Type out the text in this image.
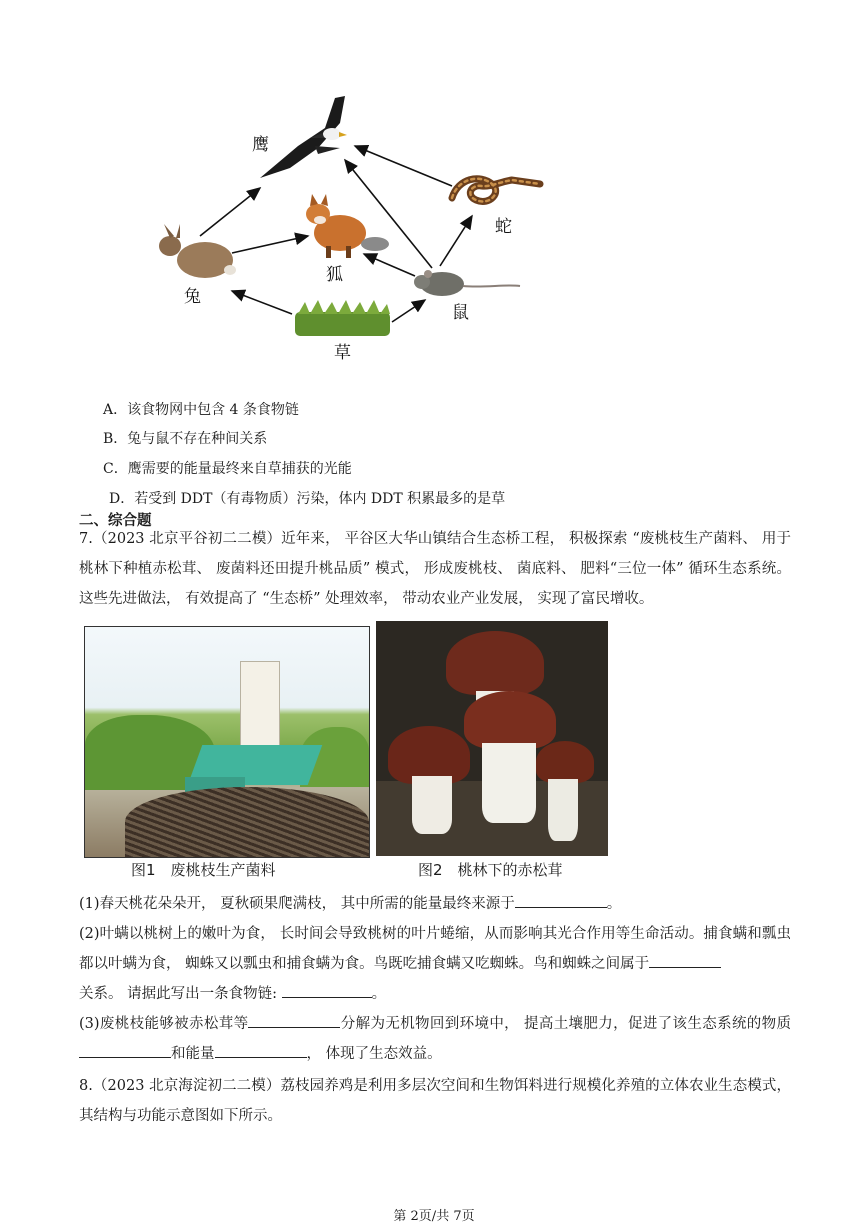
鹰
蛇
狐
兔
鼠
草
A．该食物网中包含 4 条食物链
B．兔与鼠不存在种间关系
C．鹰需要的能量最终来自草捕获的光能
D．若受到 DDT（有毒物质）污染，体内 DDT 积累最多的是草
二、综合题
7.（2023 北京平谷初二二模）近年来， 平谷区大华山镇结合生态桥工程， 积极探索 “废桃枝生产菌料、 用于桃林下种植赤松茸、 废菌料还田提升桃品质” 模式， 形成废桃枝、 菌底料、 肥料“三位一体” 循环生态系统。 这些先进做法， 有效提高了 “生态桥” 处理效率， 带动农业产业发展， 实现了富民增收。
图1　废桃枝生产菌料	图2　桃林下的赤松茸
(1)春天桃花朵朵开， 夏秋硕果爬满枝， 其中所需的能量最终来源于	。
(2)叶螨以桃树上的嫩叶为食， 长时间会导致桃树的叶片蜷缩，从而影响其光合作用等生命活动。捕食螨和瓢虫都以叶螨为食， 蜘蛛又以瓢虫和捕食螨为食。鸟既吃捕食螨又吃蜘蛛。鸟和蜘蛛之间属于
关系。 请据此写出一条食物链:	。
(3)废桃枝能够被赤松茸等	分解为无机物回到环境中， 提高土壤肥力，促进了该生态系统的物质和能量	， 体现了生态效益。
8.（2023 北京海淀初二二模）荔枝园养鸡是利用多层次空间和生物饵料进行规模化养殖的立体农业生态模式，其结构与功能示意图如下所示。
第 2页/共 7页
